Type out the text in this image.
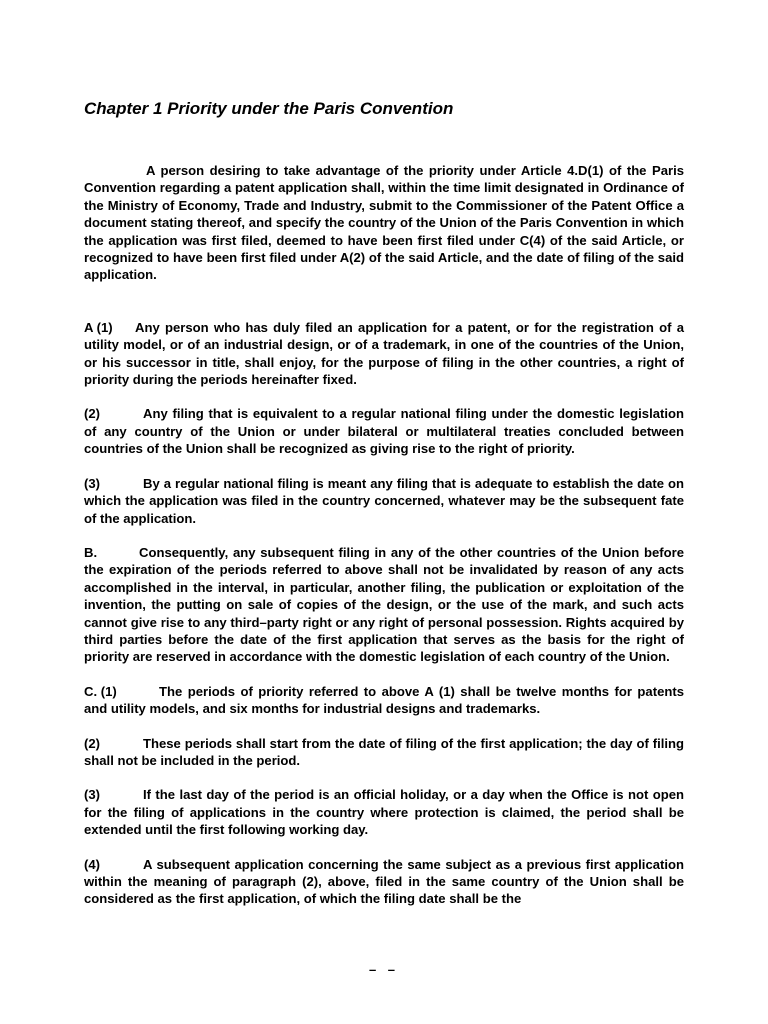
Chapter 1 Priority under the Paris Convention

A person desiring to take advantage of the priority under Article 4.D(1) of the Paris Convention regarding a patent application shall, within the time limit designated in Ordinance of the Ministry of Economy, Trade and Industry, submit to the Commissioner of the Patent Office a document stating thereof, and specify the country of the Union of the Paris Convention in which the application was first filed, deemed to have been first filed under C(4) of the said Article, or recognized to have been first filed under A(2) of the said Article, and the date of filing of the said application.

A (1) Any person who has duly filed an application for a patent, or for the registration of a utility model, or of an industrial design, or of a trademark, in one of the countries of the Union, or his successor in title, shall enjoy, for the purpose of filing in the other countries, a right of priority during the periods hereinafter fixed.

(2)	Any filing that is equivalent to a regular national filing under the domestic legislation of any country of the Union or under bilateral or multilateral treaties concluded between countries of the Union shall be recognized as giving rise to the right of priority.

(3)	By a regular national filing is meant any filing that is adequate to establish the date on which the application was filed in the country concerned, whatever may be the subsequent fate of the application.

B.	Consequently, any subsequent filing in any of the other countries of the Union before the expiration of the periods referred to above shall not be invalidated by reason of any acts accomplished in the interval, in particular, another filing, the publication or exploitation of the invention, the putting on sale of copies of the design, or the use of the mark, and such acts cannot give rise to any third–party right or any right of personal possession. Rights acquired by third parties before the date of the first application that serves as the basis for the right of priority are reserved in accordance with the domestic legislation of each country of the Union.

C. (1)	The periods of priority referred to above A (1) shall be twelve months for patents and utility models, and six months for industrial designs and trademarks.

(2)	These periods shall start from the date of filing of the first application; the day of filing shall not be included in the period.

(3)	If the last day of the period is an official holiday, or a day when the Office is not open for the filing of applications in the country where protection is claimed, the period shall be extended until the first following working day.

(4)	A subsequent application concerning the same subject as a previous first application within the meaning of paragraph (2), above, filed in the same country of the Union shall be considered as the first application, of which the filing date shall be the

– –
